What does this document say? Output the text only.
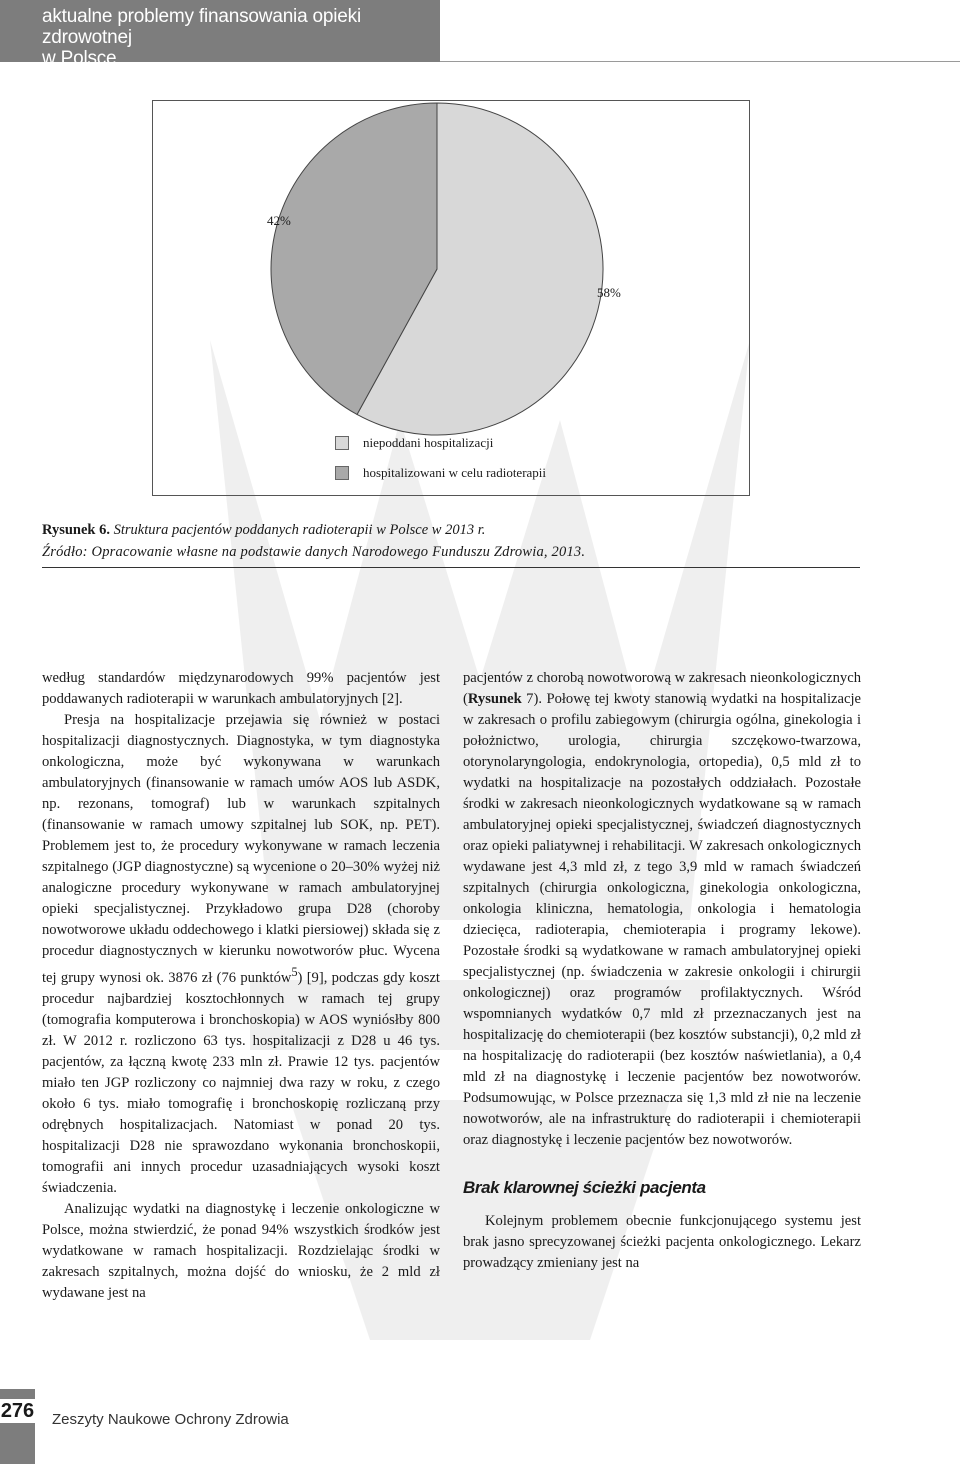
aktualne problemy finansowania opieki zdrowotnej
w Polsce
58%
42%
niepoddani hospitalizacji
hospitalizowani w celu radioterapii
Rysunek 6. Struktura pacjentów poddanych radioterapii w Polsce w 2013 r.
Źródło: Opracowanie własne na podstawie danych Narodowego Funduszu Zdrowia, 2013.

według standardów międzynarodowych 99% pacjentów jest poddawanych radioterapii w warunkach ambulatoryjnych [2].

Presja na hospitalizacje przejawia się również w postaci hospitalizacji diagnostycznych. Diagnostyka, w tym diagnostyka onkologiczna, może być wykonywana w warunkach ambulatoryjnych (finansowanie w ramach umów AOS lub ASDK, np. rezonans, tomograf) lub w warunkach szpitalnych (finansowanie w ramach umowy szpitalnej lub SOK, np. PET). Problemem jest to, że procedury wykonywane w ramach leczenia szpitalnego (JGP diagnostyczne) są wycenione o 20–30% wyżej niż analogiczne procedury wykonywane w ramach ambulatoryjnej opieki specjalistycznej. Przykładowo grupa D28 (choroby nowotworowe układu oddechowego i klatki piersiowej) składa się z procedur diagnostycznych w kierunku nowotworów płuc. Wycena tej grupy wynosi ok. 3876 zł (76 punktów$^5$) [9], podczas gdy koszt procedur najbardziej kosztochłonnych w ramach tej grupy (tomografia komputerowa i bronchoskopia) w AOS wyniósłby 800 zł. W 2012 r. rozliczono 63 tys. hospitalizacji z D28 u 46 tys. pacjentów, za łączną kwotę 233 mln zł. Prawie 12 tys. pacjentów miało ten JGP rozliczony co najmniej dwa razy w roku, z czego około 6 tys. miało tomografię i bronchoskopię rozliczaną przy odrębnych hospitalizacjach. Natomiast w ponad 20 tys. hospitalizacji D28 nie sprawozdano wykonania bronchoskopii, tomografii ani innych procedur uzasadniających wysoki koszt świadczenia.

Analizując wydatki na diagnostykę i leczenie onkologiczne w Polsce, można stwierdzić, że ponad 94% wszystkich środków jest wydatkowane w ramach hospitalizacji. Rozdzielając środki w zakresach szpitalnych, można dojść do wniosku, że 2 mld zł wydawane jest na

pacjentów z chorobą nowotworową w zakresach nieonkologicznych (Rysunek 7). Połowę tej kwoty stanowią wydatki na hospitalizacje w zakresach o profilu zabiegowym (chirurgia ogólna, ginekologia i położnictwo, urologia, chirurgia szczękowo-twarzowa, otorynolaryngologia, endokrynologia, ortopedia), 0,5 mld zł to wydatki na hospitalizacje na pozostałych oddziałach. Pozostałe środki w zakresach nieonkologicznych wydatkowane są w ramach ambulatoryjnej opieki specjalistycznej, świadczeń diagnostycznych oraz opieki paliatywnej i rehabilitacji. W zakresach onkologicznych wydawane jest 4,3 mld zł, z tego 3,9 mld w ramach świadczeń szpitalnych (chirurgia onkologiczna, ginekologia onkologiczna, onkologia kliniczna, hematologia, onkologia i hematologia dziecięca, radioterapia, chemioterapia i programy lekowe). Pozostałe środki są wydatkowane w ramach ambulatoryjnej opieki specjalistycznej (np. świadczenia w zakresie onkologii i chirurgii onkologicznej) oraz programów profilaktycznych. Wśród wspomnianych wydatków 0,7 mld zł przeznaczanych jest na hospitalizację do chemioterapii (bez kosztów substancji), 0,2 mld zł na hospitalizację do radioterapii (bez kosztów naświetlania), a 0,4 mld zł na diagnostykę i leczenie pacjentów bez nowotworów. Podsumowując, w Polsce przeznacza się 1,3 mld zł nie na leczenie nowotworów, ale na infrastrukturę do radioterapii i chemioterapii oraz diagnostykę i leczenie pacjentów bez nowotworów.

Brak klarownej ścieżki pacjenta

Kolejnym problemem obecnie funkcjonującego systemu jest brak jasno sprecyzowanej ścieżki pacjenta onkologicznego. Lekarz prowadzący zmieniany jest na

276 Zeszyty Naukowe Ochrony Zdrowia
